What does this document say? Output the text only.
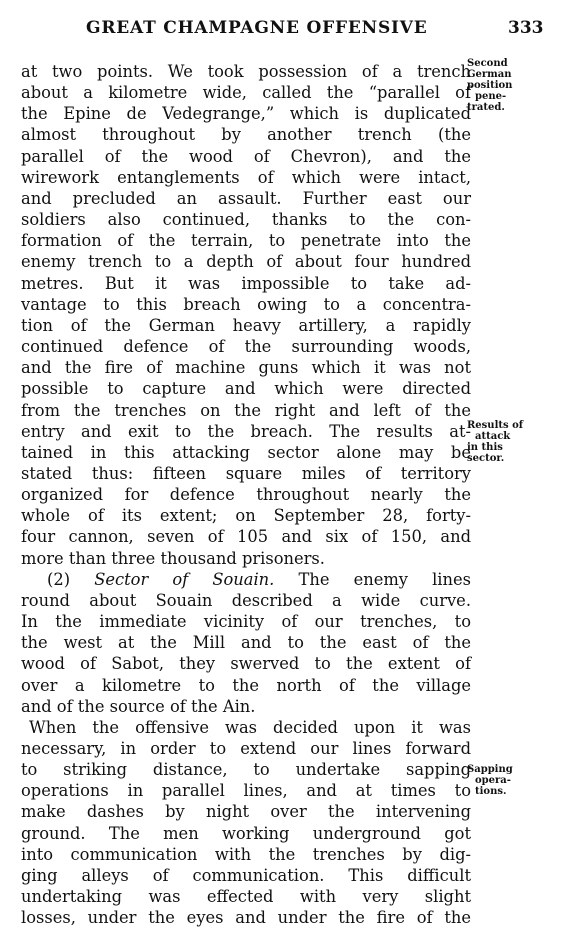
GREAT CHAMPAGNE OFFENSIVE	333
at two points. We took possession of a trench
about a kilometre wide, called the “parallel of
the Epine de Vedegrange,” which is duplicated
almost throughout by another trench (the
parallel of the wood of Chevron), and the
wirework entanglements of which were intact,
and precluded an assault. Further east our
soldiers also continued, thanks to the con-
formation of the terrain, to penetrate into the
enemy trench to a depth of about four hundred
metres. But it was impossible to take ad-
vantage to this breach owing to a concentra-
tion of the German heavy artillery, a rapidly
continued defence of the surrounding woods,
and the fire of machine guns which it was not
possible to capture and which were directed
from the trenches on the right and left of the
entry and exit to the breach. The results at-
tained in this attacking sector alone may be
stated thus: fifteen square miles of territory
organized for defence throughout nearly the
whole of its extent; on September 28, forty-
four cannon, seven of 105 and six of 150, and
more than three thousand prisoners.
(2) Sector of Souain. The enemy lines
round about Souain described a wide curve.
In the immediate vicinity of our trenches, to
the west at the Mill and to the east of the
wood of Sabot, they swerved to the extent of
over a kilometre to the north of the village
and of the source of the Ain.
When the offensive was decided upon it was
necessary, in order to extend our lines forward
to striking distance, to undertake sapping
operations in parallel lines, and at times to
make dashes by night over the intervening
ground. The men working underground got
into communication with the trenches by dig-
ging alleys of communication. This difficult
undertaking was effected with very slight
losses, under the eyes and under the fire of the
Second
German
position
pene-
trated.
Results of
attack
in this
sector.
Sapping
opera-
tions.
